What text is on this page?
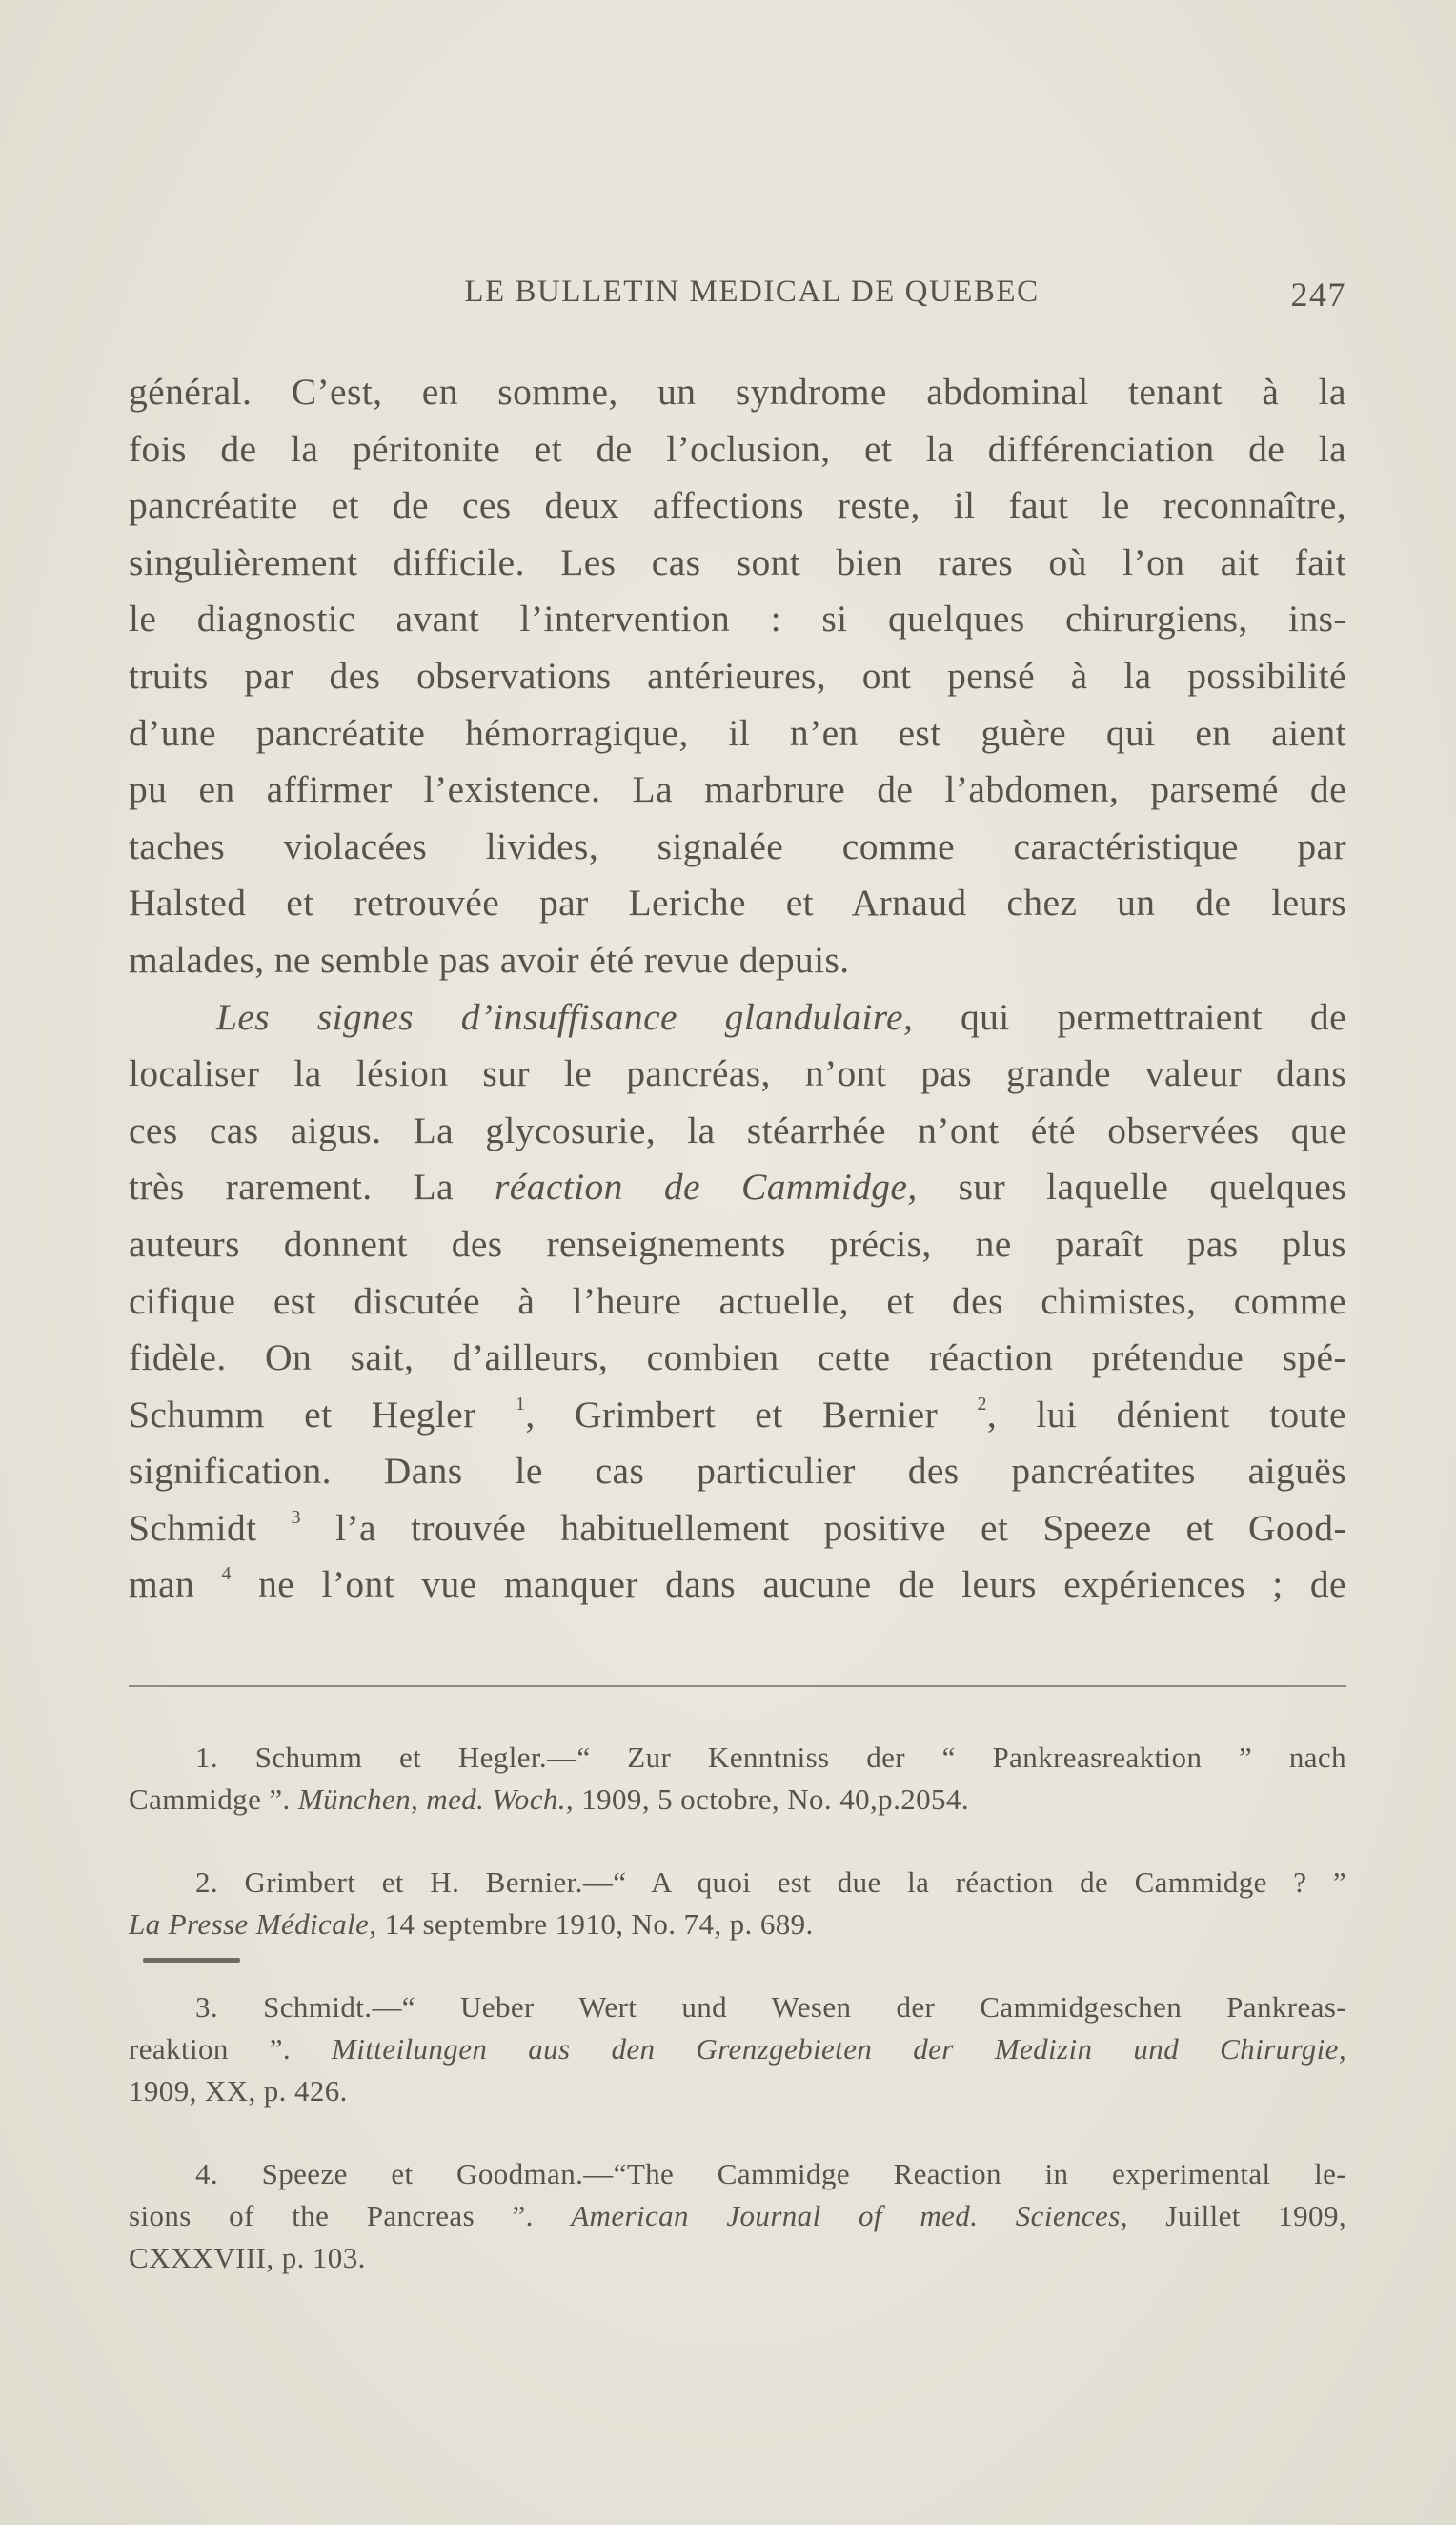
LE BULLETIN MEDICAL DE QUEBEC	247
général. C’est, en somme, un syndrome abdominal tenant à la
fois de la péritonite et de l’oclusion, et la différenciation de la
pancréatite et de ces deux affections reste, il faut le reconnaître,
singulièrement difficile. Les cas sont bien rares où l’on ait fait
le diagnostic avant l’intervention : si quelques chirurgiens, ins-
truits par des observations antérieures, ont pensé à la possibilité
d’une pancréatite hémorragique, il n’en est guère qui en aient
pu en affirmer l’existence. La marbrure de l’abdomen, parsemé de
taches violacées livides, signalée comme caractéristique par
Halsted et retrouvée par Leriche et Arnaud chez un de leurs
malades, ne semble pas avoir été revue depuis.
Les signes d’insuffisance glandulaire, qui permettraient de
localiser la lésion sur le pancréas, n’ont pas grande valeur dans
ces cas aigus. La glycosurie, la stéarrhée n’ont été observées que
très rarement. La réaction de Cammidge, sur laquelle quelques
auteurs donnent des renseignements précis, ne paraît pas plus
cifique est discutée à l’heure actuelle, et des chimistes, comme
fidèle. On sait, d’ailleurs, combien cette réaction prétendue spé-
Schumm et Hegler $^1$, Grimbert et Bernier $^2$, lui dénient toute
signification. Dans le cas particulier des pancréatites aiguës
Schmidt $^3$ l’a trouvée habituellement positive et Speeze et Good-
man $^4$ ne l’ont vue manquer dans aucune de leurs expériences ; de
1. Schumm et Hegler.—“ Zur Kenntniss der “ Pankreasreaktion ” nach
Cammidge ”. München, med. Woch., 1909, 5 octobre, No. 40,p.2054.
2. Grimbert et H. Bernier.—“ A quoi est due la réaction de Cammidge ? ”
La Presse Médicale, 14 septembre 1910, No. 74, p. 689.
3. Schmidt.—“ Ueber Wert und Wesen der Cammidgeschen Pankreas-
reaktion ”. Mitteilungen aus den Grenzgebieten der Medizin und Chirurgie,
1909, XX, p. 426.
4. Speeze et Goodman.—“The Cammidge Reaction in experimental le-
sions of the Pancreas ”. American Journal of med. Sciences, Juillet 1909,
CXXXVIII, p. 103.
